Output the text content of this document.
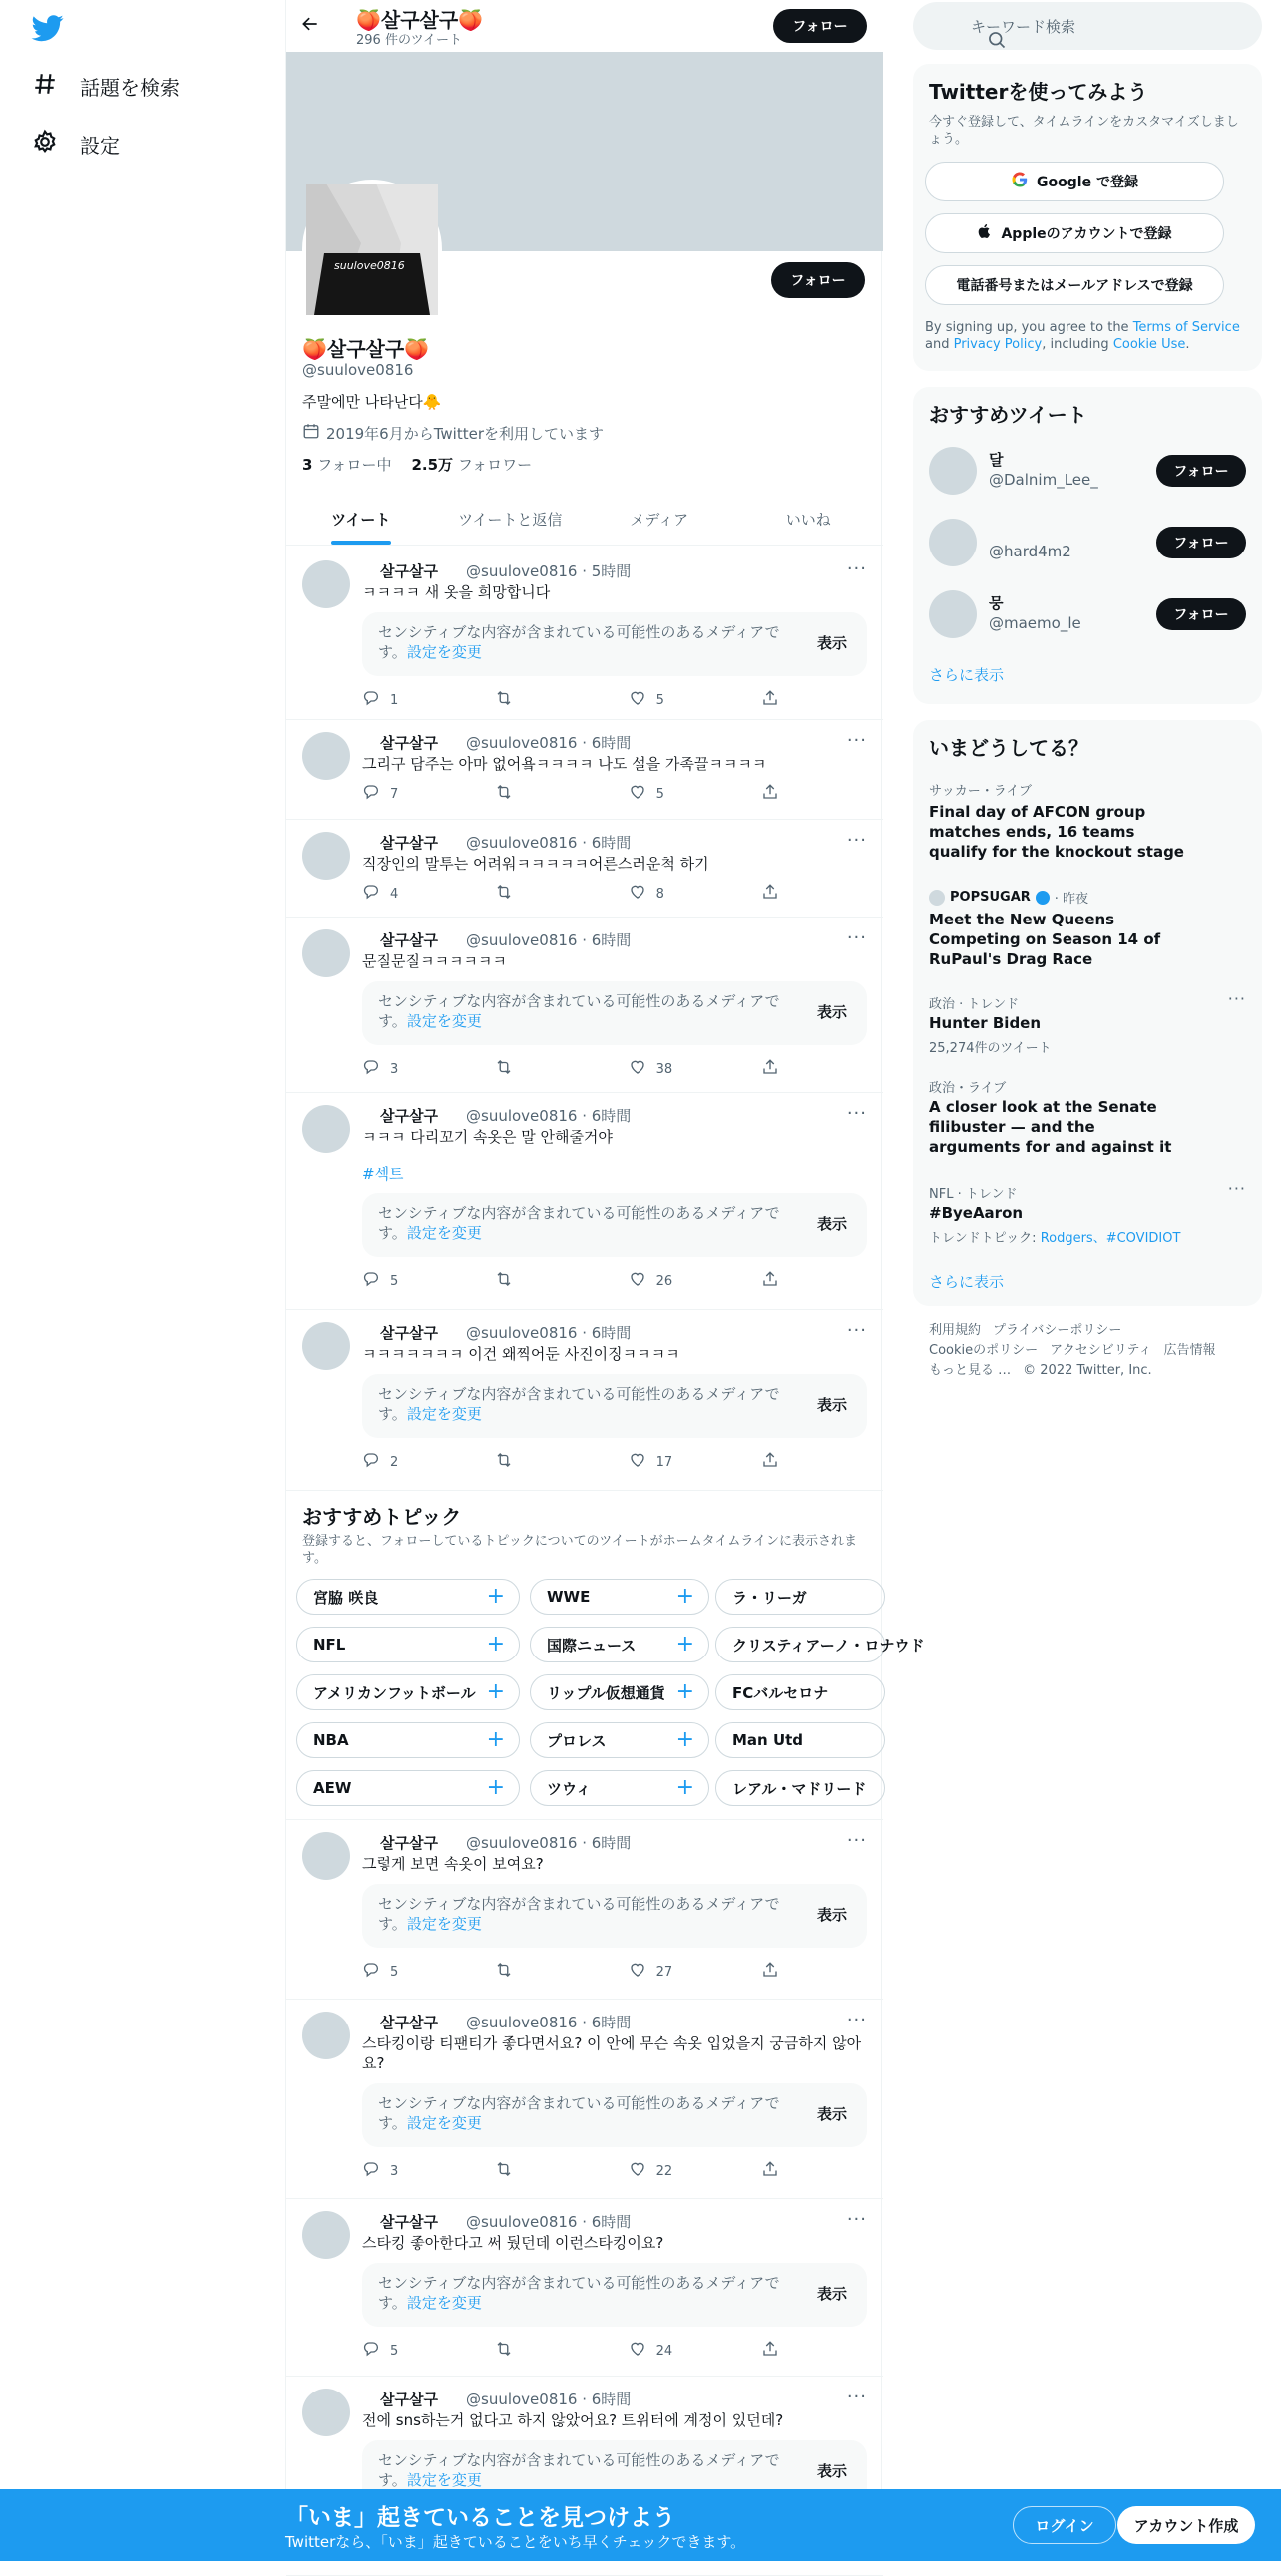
話題を検索
設定
🍑살구살구🍑
296 件のツイート
フォロー
suulove0816
フォロー
🍑살구살구🍑
@suulove0816
주말에만 나타난다🐥
2019年6月からTwitterを利用しています
3 フォロー中 2.5万 フォロワー
ツイート	ツイートと返信	メディア	いいね
살구살구 @suulove0816 · 5時間	···
ㅋㅋㅋㅋ 새 옷을 희망합니다
センシティブな内容が含まれている可能性のあるメディアです。設定を変更	表示
1	5
살구살구 @suulove0816 · 6時間	···
그리구 담주는 아마 없어욬ㅋㅋㅋㅋ 나도 설을 가족끌ㅋㅋㅋㅋ
7	5
살구살구 @suulove0816 · 6時間	···
직장인의 말투는 어려워ㅋㅋㅋㅋㅋ어른스러운척 하기
4	8
살구살구 @suulove0816 · 6時間	···
문질문질ㅋㅋㅋㅋㅋㅋ
センシティブな内容が含まれている可能性のあるメディアです。設定を変更	表示
3	38
살구살구 @suulove0816 · 6時間	···
ㅋㅋㅋ 다리꼬기 속옷은 말 안해줄거야
#섹트
センシティブな内容が含まれている可能性のあるメディアです。設定を変更	表示
5	26
살구살구 @suulove0816 · 6時間	···
ㅋㅋㅋㅋㅋㅋㅋ 이건 왜찍어둔 사진이징ㅋㅋㅋㅋ
センシティブな内容が含まれている可能性のあるメディアです。設定を変更	表示
2	17
살구살구 @suulove0816 · 6時間	···
그렇게 보면 속옷이 보여요?
センシティブな内容が含まれている可能性のあるメディアです。設定を変更	表示
5	27
살구살구 @suulove0816 · 6時間	···
스타킹이랑 티팬티가 좋다면서요? 이 안에 무슨 속옷 입었을지 궁금하지 않아요?
センシティブな内容が含まれている可能性のあるメディアです。設定を変更	表示
3	22
살구살구 @suulove0816 · 6時間	···
스타킹 좋아한다고 써 뒀던데 이런스타킹이요?
センシティブな内容が含まれている可能性のあるメディアです。設定を変更	表示
5	24
살구살구 @suulove0816 · 6時間	···
전에 sns하는거 없다고 하지 않았어요? 트위터에 계정이 있던데?
センシティブな内容が含まれている可能性のあるメディアです。設定を変更	表示
おすすめトピック
登録すると、フォローしているトピックについてのツイートがホームタイムラインに表示されます。
宮脇 咲良	+	WWE	+	ラ・リーガ
NFL	+	国際ニュース +	クリスティアーノ・ロナウド
アメリカンフットボール +	リップル仮想通貨 +	FCバルセロナ
NBA	+	プロレス	+	Man Utd
AEW	+	ツウィ	+	レアル・マドリード
キーワード検索
Twitterを使ってみよう
今すぐ登録して、タイムラインをカスタマイズしましょう。
Google で登録
Appleのアカウントで登録
電話番号またはメールアドレスで登録
By signing up, you agree to the Terms of Service and Privacy Policy, including Cookie Use.
おすすめツイート
달
@Dalnim_Lee_	フォロー
@hard4m2	フォロー
뭉
@maemo_le	フォロー
さらに表示
いまどうしてる？
サッカー・ライブ
Final day of AFCON group matches ends, 16 teams qualify for the knockout stage
POPSUGAR · 昨夜
Meet the New Queens Competing on Season 14 of RuPaul's Drag Race
政治 · トレンド	···
Hunter Biden
25,274件のツイート
政治・ライブ
A closer look at the Senate filibuster — and the arguments for and against it
NFL · トレンド	···
#ByeAaron
トレンドトピック: Rodgers、#COVIDIOT
さらに表示
利用規約 プライバシーポリシー
Cookieのポリシー アクセシビリティ 広告情報
もっと見る … © 2022 Twitter, Inc.
「いま」起きていることを見つけよう
Twitterなら、「いま」起きていることをいち早くチェックできます。
ログイン	アカウント作成
